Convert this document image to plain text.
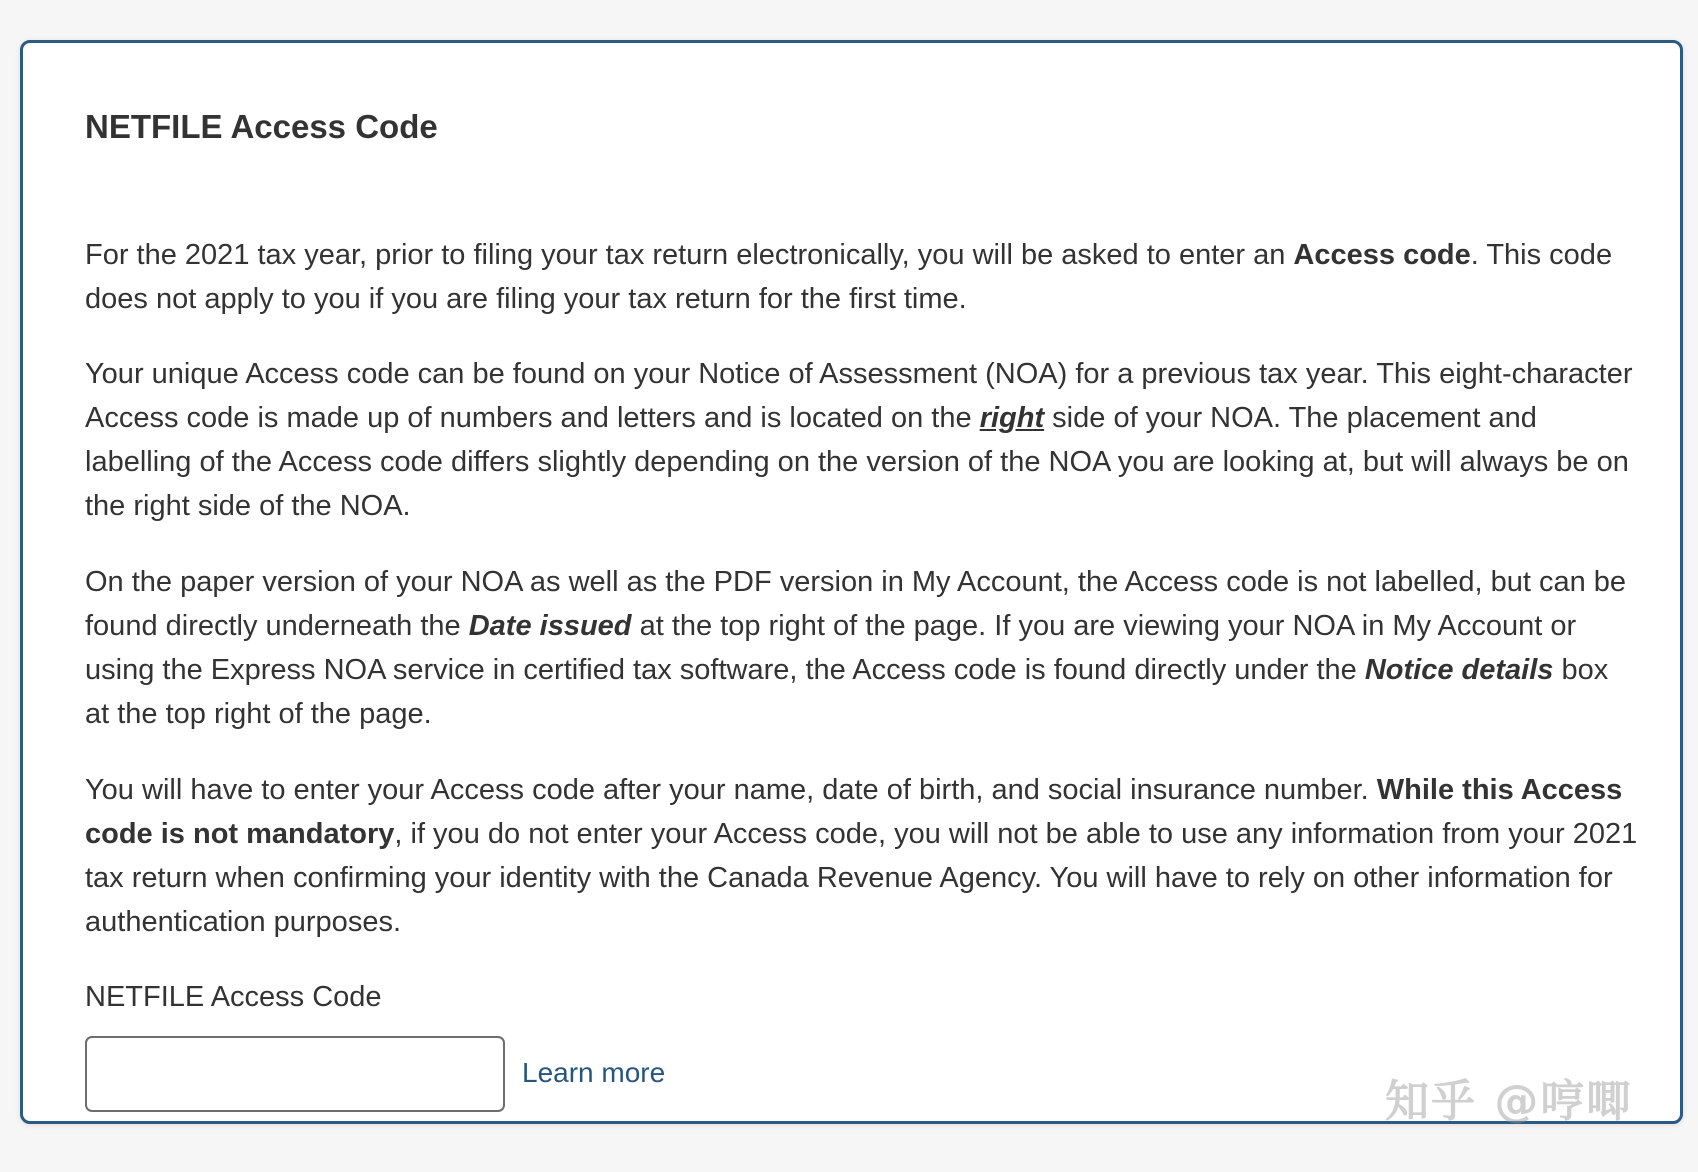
NETFILE Access Code

For the 2021 tax year, prior to filing your tax return electronically, you will be asked to enter an Access code. This code does not apply to you if you are filing your tax return for the first time.

Your unique Access code can be found on your Notice of Assessment (NOA) for a previous tax year. This eight-character Access code is made up of numbers and letters and is located on the right side of your NOA. The placement and labelling of the Access code differs slightly depending on the version of the NOA you are looking at, but will always be on the right side of the NOA.

On the paper version of your NOA as well as the PDF version in My Account, the Access code is not labelled, but can be found directly underneath the Date issued at the top right of the page. If you are viewing your NOA in My Account or using the Express NOA service in certified tax software, the Access code is found directly under the Notice details box at the top right of the page.

You will have to enter your Access code after your name, date of birth, and social insurance number. While this Access code is not mandatory, if you do not enter your Access code, you will not be able to use any information from your 2021 tax return when confirming your identity with the Canada Revenue Agency. You will have to rely on other information for authentication purposes.

NETFILE Access Code
Learn more
知乎 @哼唧
